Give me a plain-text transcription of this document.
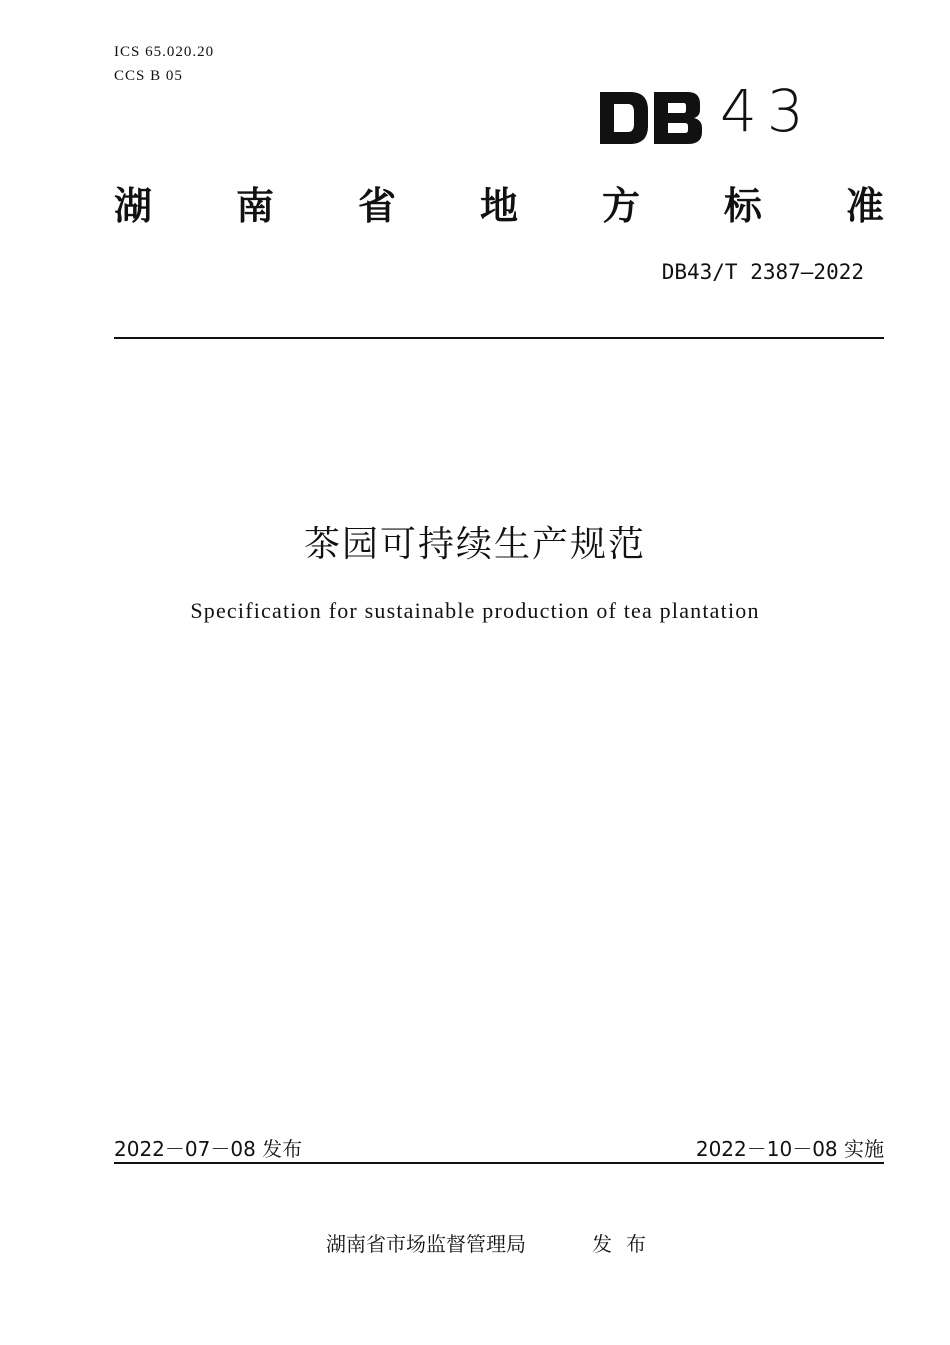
ICS 65.020.20
CCS B 05
43
湖 南 省 地 方 标 准
DB43/T 2387—2022
茶园可持续生产规范
Specification for sustainable production of tea plantation
2022－07－08 发布	2022－10－08 实施
湖南省市场监督管理局	发布
